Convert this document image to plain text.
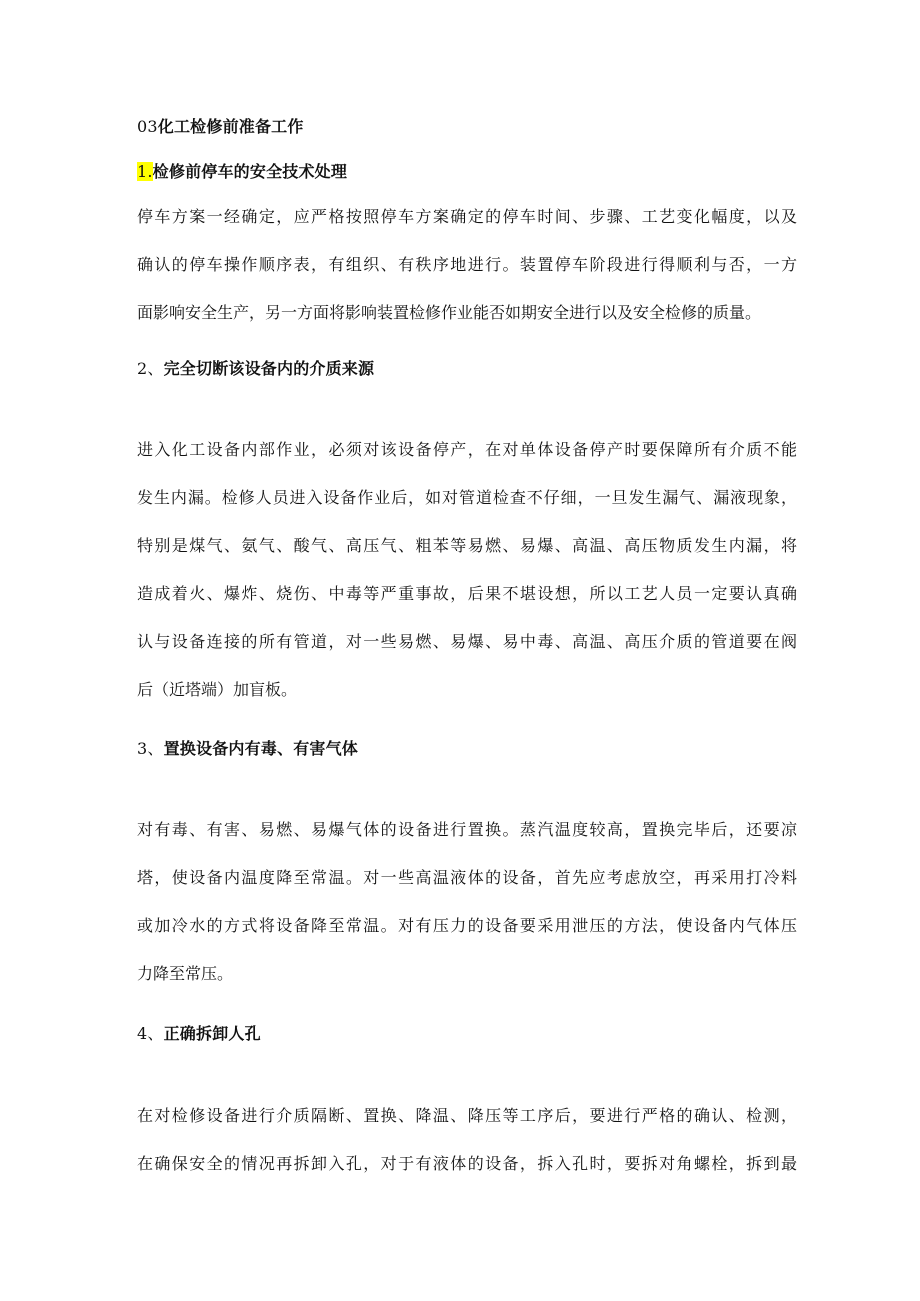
03化工检修前准备工作
1.检修前停车的安全技术处理
停车方案一经确定，应严格按照停车方案确定的停车时间、步骤、工艺变化幅度，以及
确认的停车操作顺序表，有组织、有秩序地进行。装置停车阶段进行得顺利与否，一方
面影响安全生产，另一方面将影响装置检修作业能否如期安全进行以及安全检修的质量。
2、完全切断该设备内的介质来源
进入化工设备内部作业，必须对该设备停产，在对单体设备停产时要保障所有介质不能
发生内漏。检修人员进入设备作业后，如对管道检查不仔细，一旦发生漏气、漏液现象，
特别是煤气、氨气、酸气、高压气、粗苯等易燃、易爆、高温、高压物质发生内漏，将
造成着火、爆炸、烧伤、中毒等严重事故，后果不堪设想，所以工艺人员一定要认真确
认与设备连接的所有管道，对一些易燃、易爆、易中毒、高温、高压介质的管道要在阀
后（近塔端）加盲板。
3、置换设备内有毒、有害气体
对有毒、有害、易燃、易爆气体的设备进行置换。蒸汽温度较高，置换完毕后，还要凉
塔，使设备内温度降至常温。对一些高温液体的设备，首先应考虑放空，再采用打冷料
或加冷水的方式将设备降至常温。对有压力的设备要采用泄压的方法，使设备内气体压
力降至常压。
4、正确拆卸人孔
在对检修设备进行介质隔断、置换、降温、降压等工序后，要进行严格的确认、检测，
在确保安全的情况再拆卸入孔，对于有液体的设备，拆入孔时，要拆对角螺栓，拆到最
